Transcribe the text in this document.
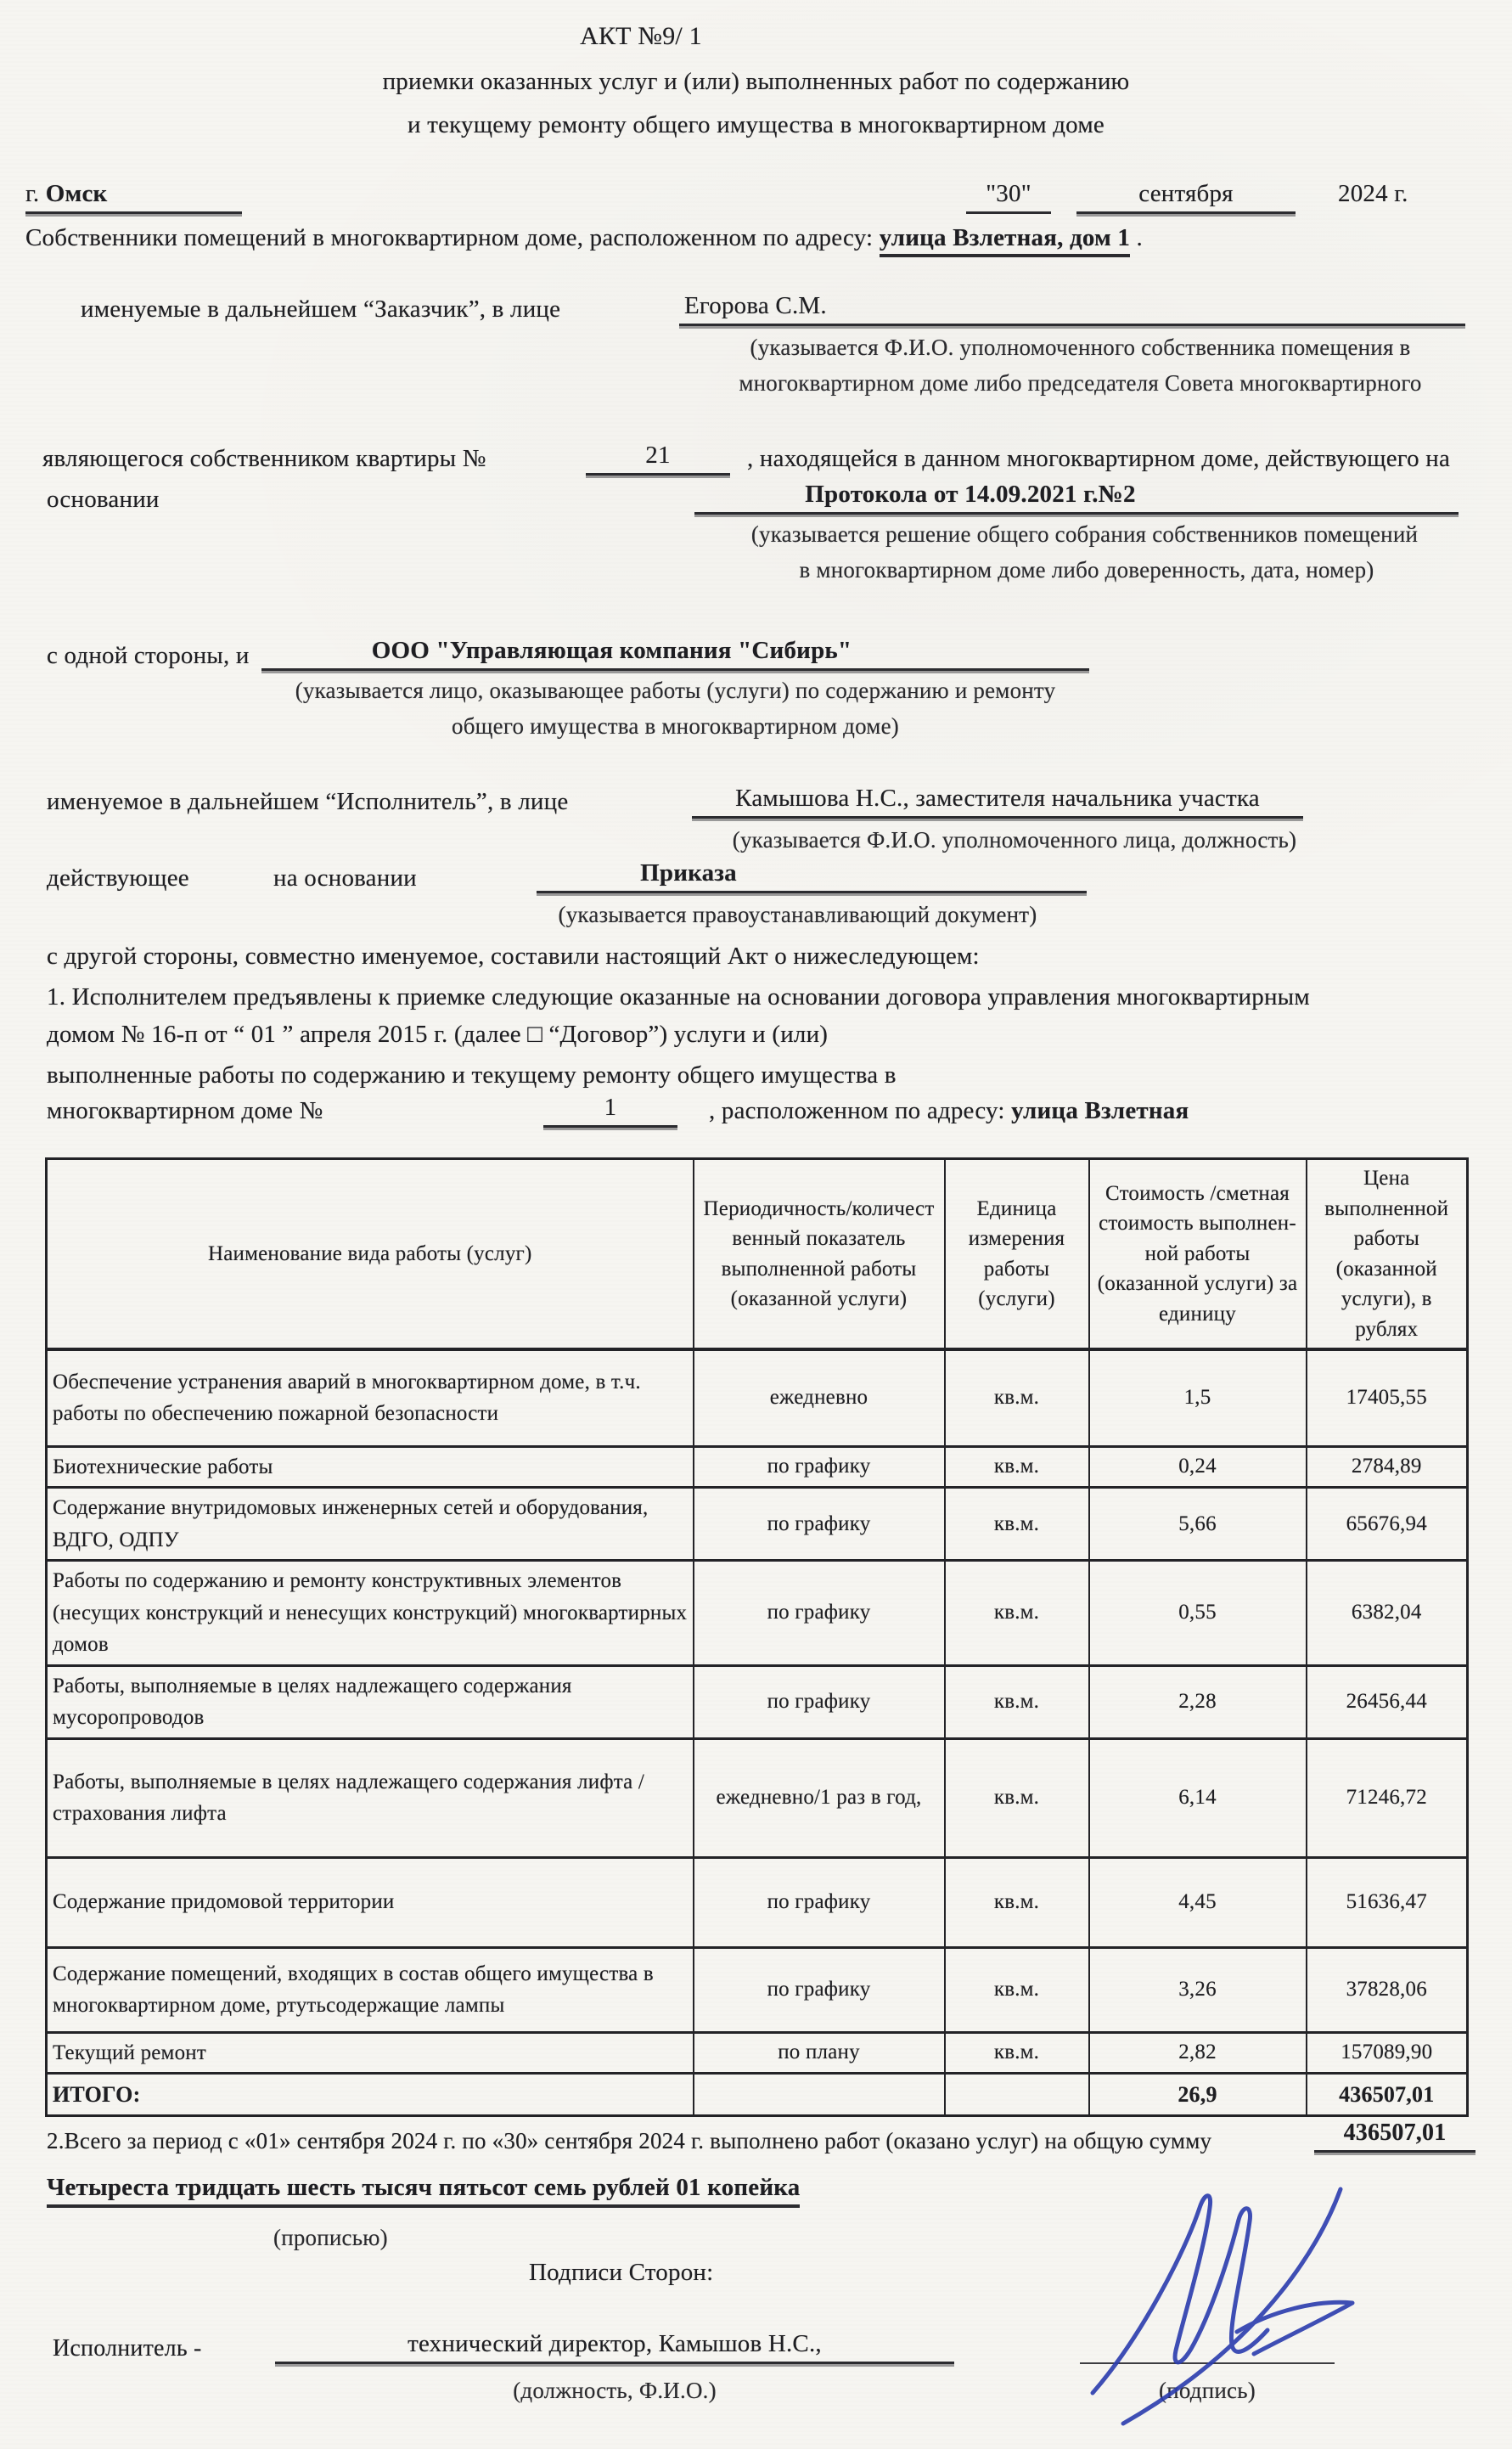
АКТ №9/ 1
приемки оказанных услуг и (или) выполненных работ по содержанию
и текущему ремонту общего имущества в многоквартирном доме
г. Омск	"30"	сентября	2024 г.
Собственники помещений в многоквартирном доме, расположенном по адресу: улица Взлетная, дом 1 .
именуемые в дальнейшем “Заказчик”, в лице	Егорова С.М.
(указывается Ф.И.О. уполномоченного собственника помещения в
многоквартирном доме либо председателя Совета многоквартирного
являющегося собственником квартиры №	21	, находящейся в данном многоквартирном доме, действующего на
основании	Протокола от 14.09.2021 г.№2
(указывается решение общего собрания собственников помещений
в многоквартирном доме либо доверенность, дата, номер)
с одной стороны, и	ООО "Управляющая компания "Сибирь"
(указывается лицо, оказывающее работы (услуги) по содержанию и ремонту
общего имущества в многоквартирном доме)
именуемое в дальнейшем “Исполнитель”, в лице	Камышова Н.С., заместителя начальника участка
(указывается Ф.И.О. уполномоченного лица, должность)
действующее	на основании	Приказа
(указывается правоустанавливающий документ)
с другой стороны, совместно именуемое, составили настоящий Акт о нижеследующем:
1. Исполнителем предъявлены к приемке следующие оказанные на основании договора управления многоквартирным
домом № 16-п от “ 01 ” апреля 2015 г. (далее □ “Договор”) услуги и (или)
выполненные работы по содержанию и текущему ремонту общего имущества в
многоквартирном доме №	1	, расположенном по адресу: улица Взлетная
Наименование вида работы (услуг)	Периодичность/количест венный показатель выполненной работы (оказанной услуги)	Единица измерения работы (услуги)	Стоимость /сметная стоимость выполнен-ной работы (оказанной услуги) за единицу	Цена выполненной работы (оказанной услуги), в рублях
Обеспечение устранения аварий в многоквартирном доме, в т.ч. работы по обеспечению пожарной безопасности	ежедневно	кв.м.	1,5	17405,55
Биотехнические работы	по графику	кв.м.	0,24	2784,89
Содержание внутридомовых инженерных сетей и оборудования, ВДГО, ОДПУ	по графику	кв.м.	5,66	65676,94
Работы по содержанию и ремонту конструктивных элементов (несущих конструкций и ненесущих конструкций) многоквартирных домов	по графику	кв.м.	0,55	6382,04
Работы, выполняемые в целях надлежащего содержания мусоропроводов	по графику	кв.м.	2,28	26456,44
Работы, выполняемые в целях надлежащего содержания лифта / страхования лифта	ежедневно/1 раз в год,	кв.м.	6,14	71246,72
Содержание придомовой территории	по графику	кв.м.	4,45	51636,47
Содержание помещений, входящих в состав общего имущества в многоквартирном доме, ртутьсодержащие лампы	по графику	кв.м.	3,26	37828,06
Текущий ремонт	по плану	кв.м.	2,82	157089,90
ИТОГО:			26,9	436507,01
2.Всего за период с «01» сентября 2024 г. по «30» сентября 2024 г. выполнено работ (оказано услуг) на общую сумму	436507,01
Четыреста тридцать шесть тысяч пятьсот семь рублей 01 копейка
(прописью)
Подписи Сторон:
Исполнитель -	технический директор, Камышов Н.С.,
(должность, Ф.И.О.)	(подпись)
